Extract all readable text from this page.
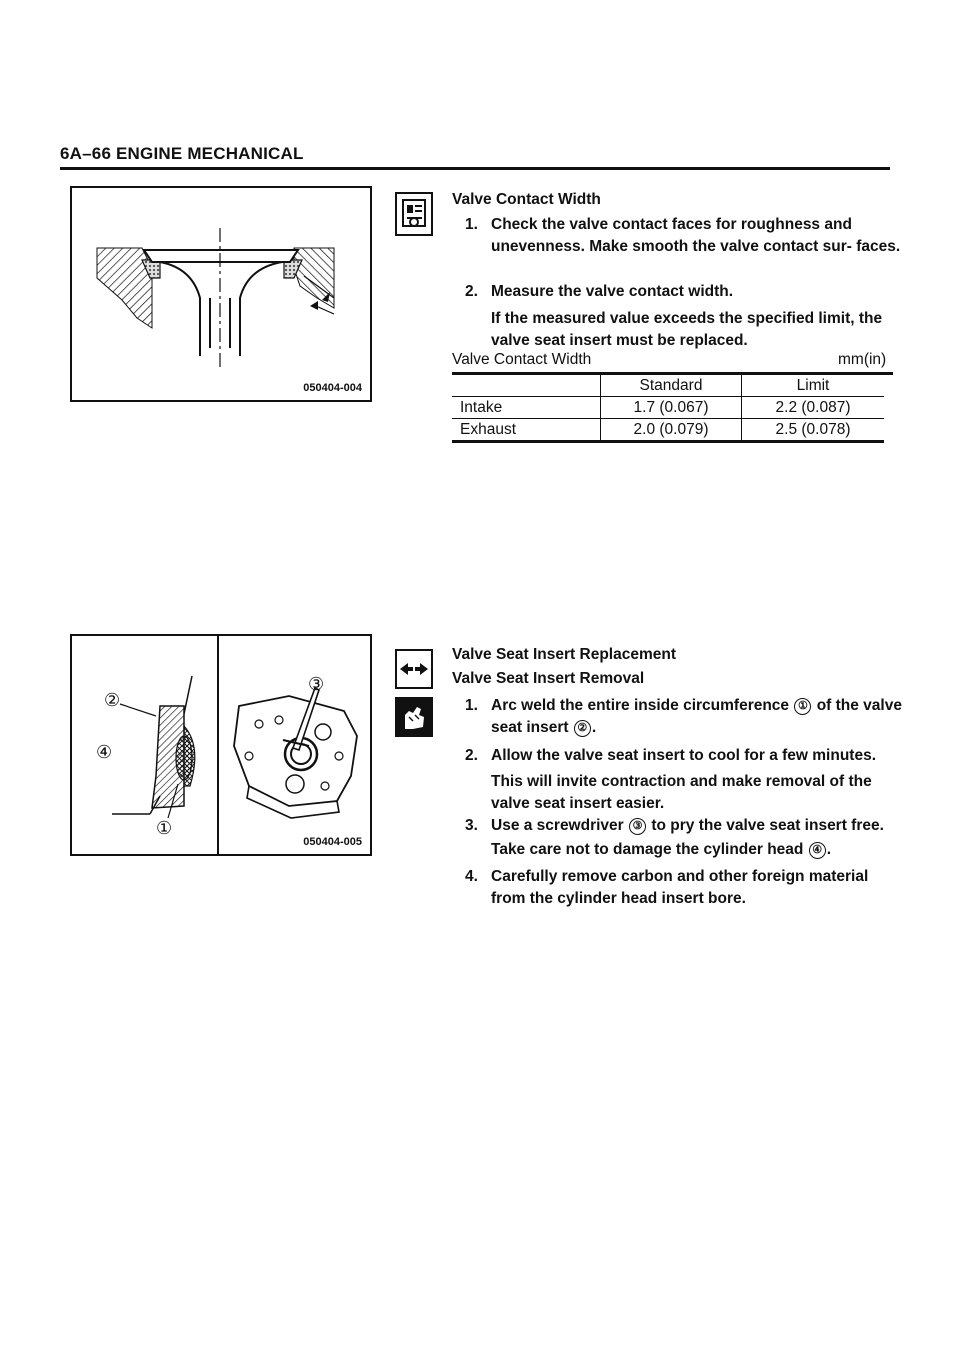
6A–66 ENGINE MECHANICAL
050404-004
Valve Contact Width
1. Check the valve contact faces for roughness and unevenness. Make smooth the valve contact sur- faces.
2. Measure the valve contact width.
If the measured value exceeds the specified limit, the valve seat insert must be replaced.
Valve Contact Width	mm(in)
	Standard	Limit
Intake	1.7 (0.067)	2.2 (0.087)
Exhaust	2.0 (0.079)	2.5 (0.078)
②
④
①
③
050404-005
Valve Seat Insert Replacement
Valve Seat Insert Removal
1. Arc weld the entire inside circumference ① of the valve seat insert ② .
2. Allow the valve seat insert to cool for a few minutes.
This will invite contraction and make removal of the valve seat insert easier.
3. Use a screwdriver ③ to pry the valve seat insert free.
Take care not to damage the cylinder head ④ .
4. Carefully remove carbon and other foreign material from the cylinder head insert bore.
